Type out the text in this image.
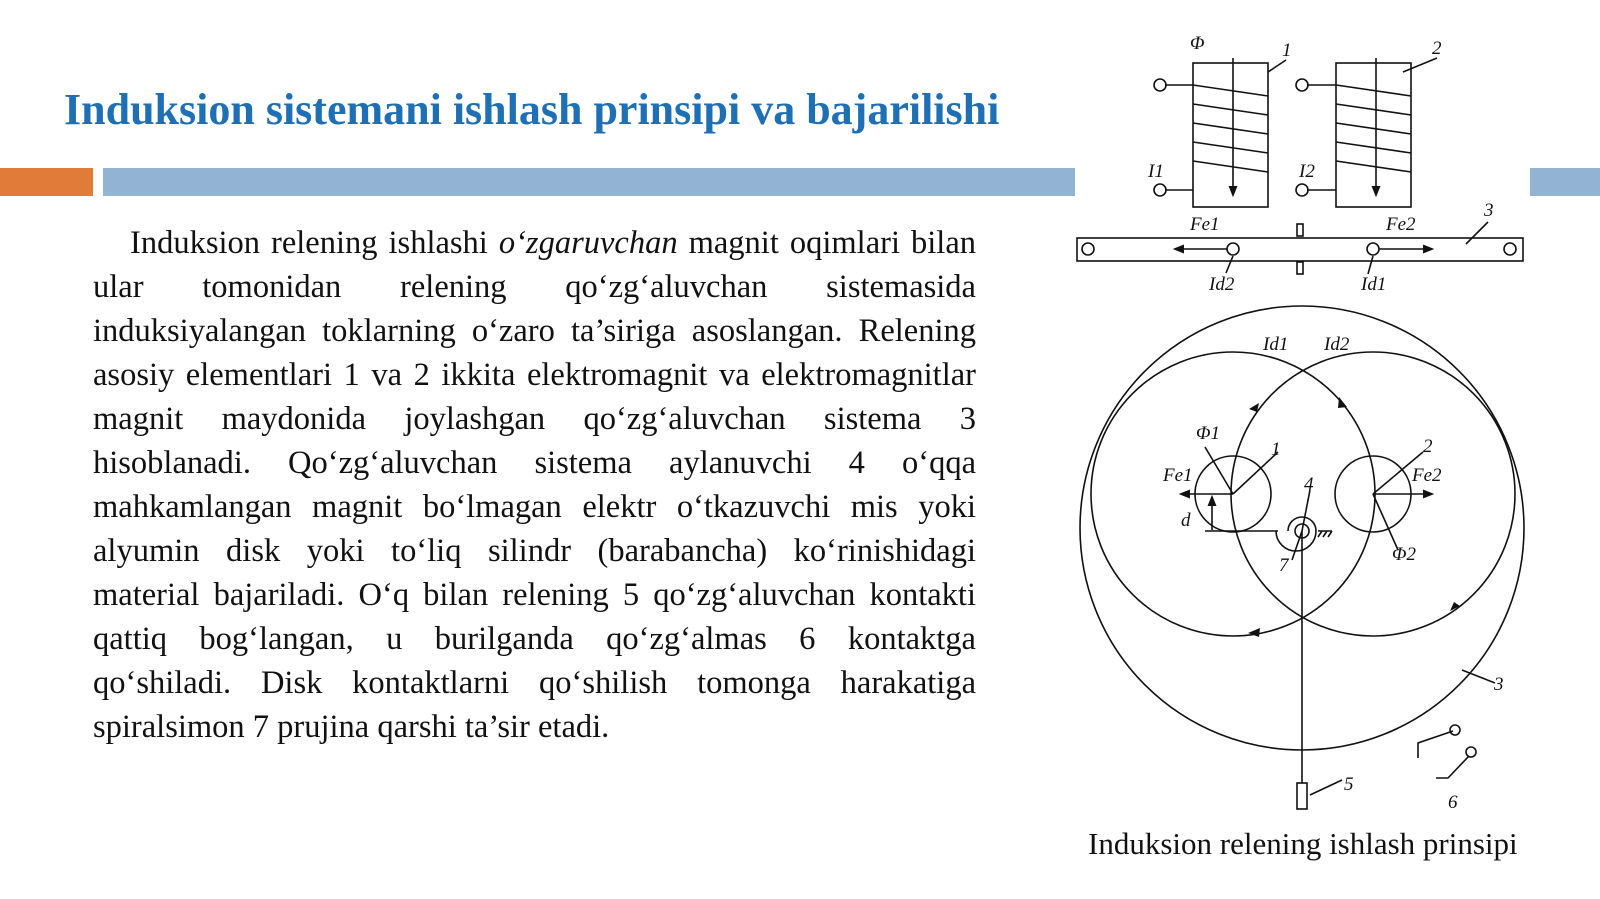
Induksion sistemani ishlash prinsipi va bajarilishi

Induksion relening ishlashi o‘zgaruvchan magnit oqimlari bilan ular tomonidan relening qo‘zg‘aluvchan sistemasida induksiyalangan toklarning o‘zaro ta’siriga asoslangan. Relening asosiy elementlari 1 va 2 ikkita elektromagnit va elektromagnitlar magnit maydonida joylashgan qo‘zg‘aluvchan sistema 3 hisoblanadi. Qo‘zg‘aluvchan sistema aylanuvchi 4 o‘qqa mahkamlangan magnit bo‘lmagan elektr o‘tkazuvchi mis yoki alyumin disk yoki to‘liq silindr (barabancha) ko‘rinishidagi material bajariladi. O‘q bilan relening 5 qo‘zg‘aluvchan kontakti qattiq bog‘langan, u burilganda qo‘zg‘almas 6 kontaktga qo‘shiladi. Disk kontaktlarni qo‘shilish tomonga harakatiga spiralsimon 7 prujina qarshi ta’sir etadi.

Φ	1	2
I1	I2
Fe1	Fe2
3
Id2	Id1
Id1 Id2
Φ1
1	2
Fe1	Fe2
4
d
Φ2
7
3
5
6
Induksion relening ishlash prinsipi
